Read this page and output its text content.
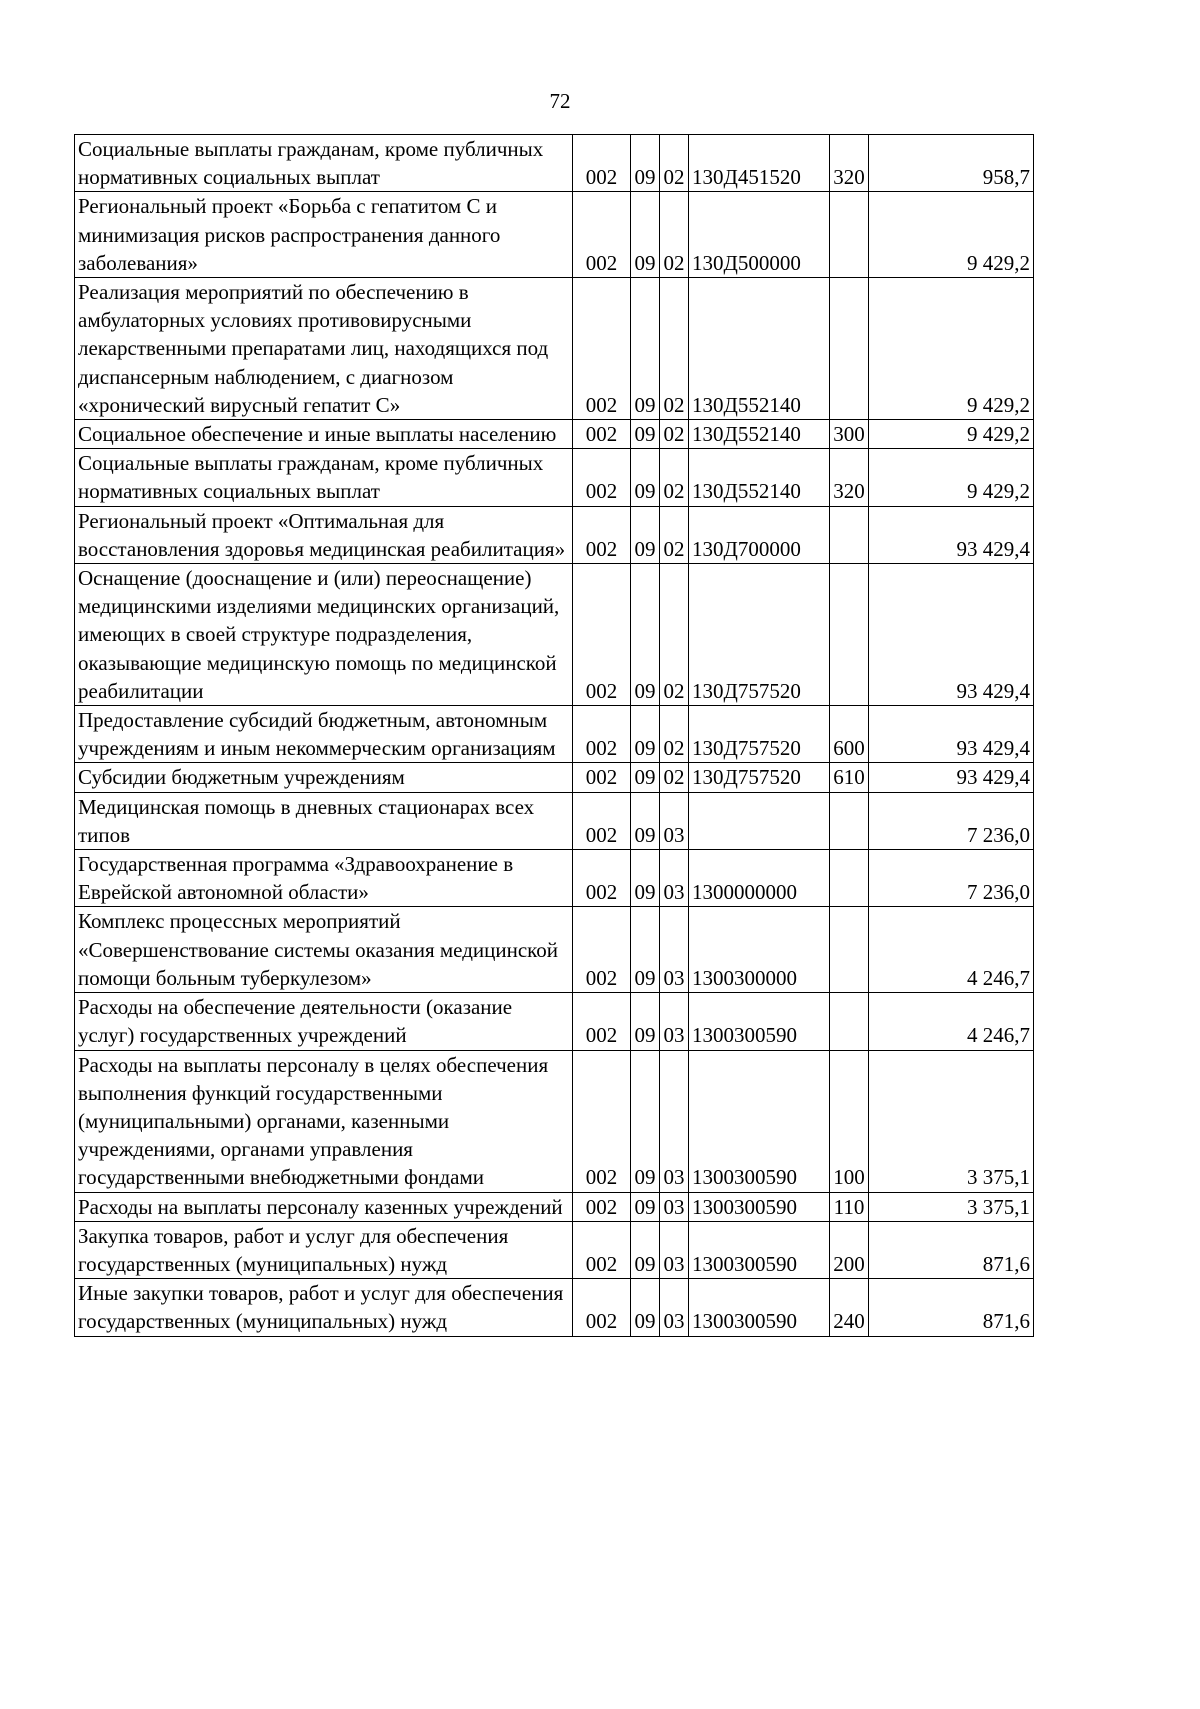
72
Социальные выплаты гражданам, кроме публичных нормативных социальных выплат	002	09	02	130Д451520	320	958,7
Региональный проект «Борьба с гепатитом С и минимизация рисков распространения данного заболевания»	002	09	02	130Д500000		9 429,2
Реализация мероприятий по обеспечению в амбулаторных условиях противовирусными лекарственными препаратами лиц, находящихся под диспансерным наблюдением, с диагнозом «хронический вирусный гепатит С»	002	09	02	130Д552140		9 429,2
Социальное обеспечение и иные выплаты населению	002	09	02	130Д552140	300	9 429,2
Социальные выплаты гражданам, кроме публичных нормативных социальных выплат	002	09	02	130Д552140	320	9 429,2
Региональный проект «Оптимальная для восстановления здоровья медицинская реабилитация»	002	09	02	130Д700000		93 429,4
Оснащение (дооснащение и (или) переоснащение) медицинскими изделиями медицинских организаций, имеющих в своей структуре подразделения, оказывающие медицинскую помощь по медицинской реабилитации	002	09	02	130Д757520		93 429,4
Предоставление субсидий бюджетным, автономным учреждениям и иным некоммерческим организациям	002	09	02	130Д757520	600	93 429,4
Субсидии бюджетным учреждениям	002	09	02	130Д757520	610	93 429,4
Медицинская помощь в дневных стационарах всех типов	002	09	03			7 236,0
Государственная программа «Здравоохранение в Еврейской автономной области»	002	09	03	1300000000		7 236,0
Комплекс процессных мероприятий «Совершенствование системы оказания медицинской помощи больным туберкулезом»	002	09	03	1300300000		4 246,7
Расходы на обеспечение деятельности (оказание услуг) государственных учреждений	002	09	03	1300300590		4 246,7
Расходы на выплаты персоналу в целях обеспечения выполнения функций государственными (муниципальными) органами, казенными учреждениями, органами управления государственными внебюджетными фондами	002	09	03	1300300590	100	3 375,1
Расходы на выплаты персоналу казенных учреждений	002	09	03	1300300590	110	3 375,1
Закупка товаров, работ и услуг для обеспечения государственных (муниципальных) нужд	002	09	03	1300300590	200	871,6
Иные закупки товаров, работ и услуг для обеспечения государственных (муниципальных) нужд	002	09	03	1300300590	240	871,6
